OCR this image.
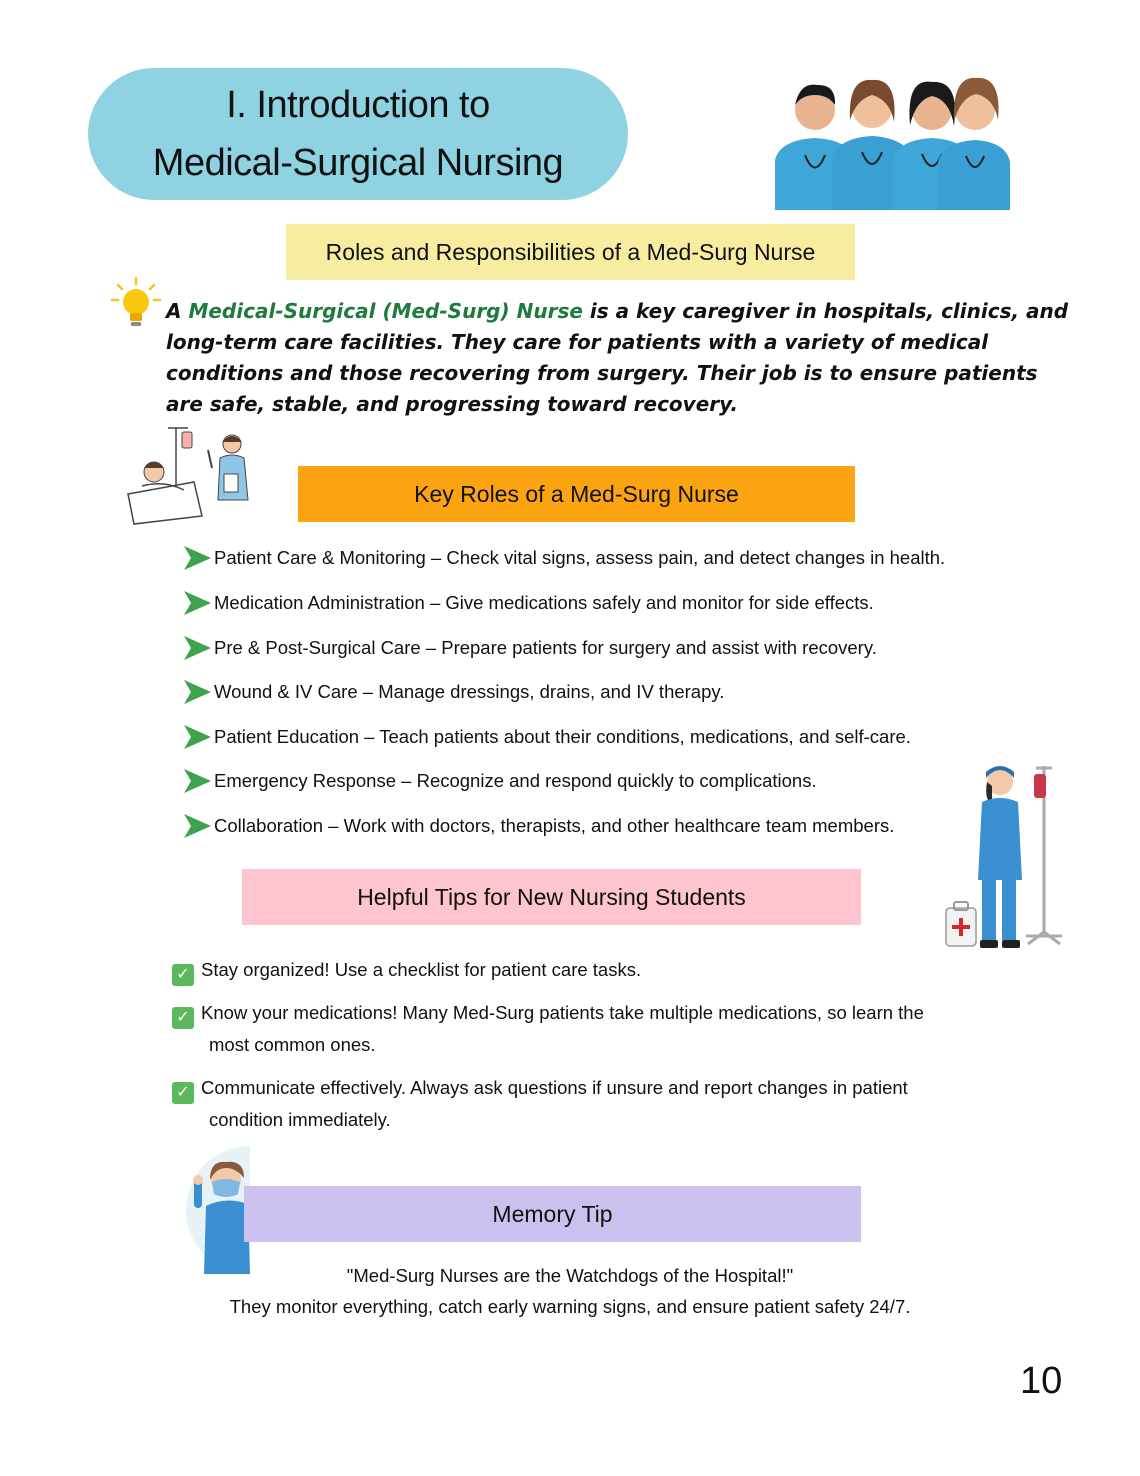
I. Introduction to
Medical-Surgical Nursing
Roles and Responsibilities of a Med-Surg Nurse
A Medical-Surgical (Med-Surg) Nurse is a key caregiver in hospitals, clinics, and long-term care facilities. They care for patients with a variety of medical conditions and those recovering from surgery. Their job is to ensure patients are safe, stable, and progressing toward recovery.
Key Roles of a Med-Surg Nurse
Patient Care & Monitoring – Check vital signs, assess pain, and detect changes in health.
Medication Administration – Give medications safely and monitor for side effects.
Pre & Post-Surgical Care – Prepare patients for surgery and assist with recovery.
Wound & IV Care – Manage dressings, drains, and IV therapy.
Patient Education – Teach patients about their conditions, medications, and self-care.
Emergency Response – Recognize and respond quickly to complications.
Collaboration – Work with doctors, therapists, and other healthcare team members.
Helpful Tips for New Nursing Students
✓ Stay organized! Use a checklist for patient care tasks.
✓ Know your medications! Many Med-Surg patients take multiple medications, so learn the
most common ones.
✓ Communicate effectively. Always ask questions if unsure and report changes in patient
condition immediately.
Memory Tip
"Med-Surg Nurses are the Watchdogs of the Hospital!"
They monitor everything, catch early warning signs, and ensure patient safety 24/7.
10
